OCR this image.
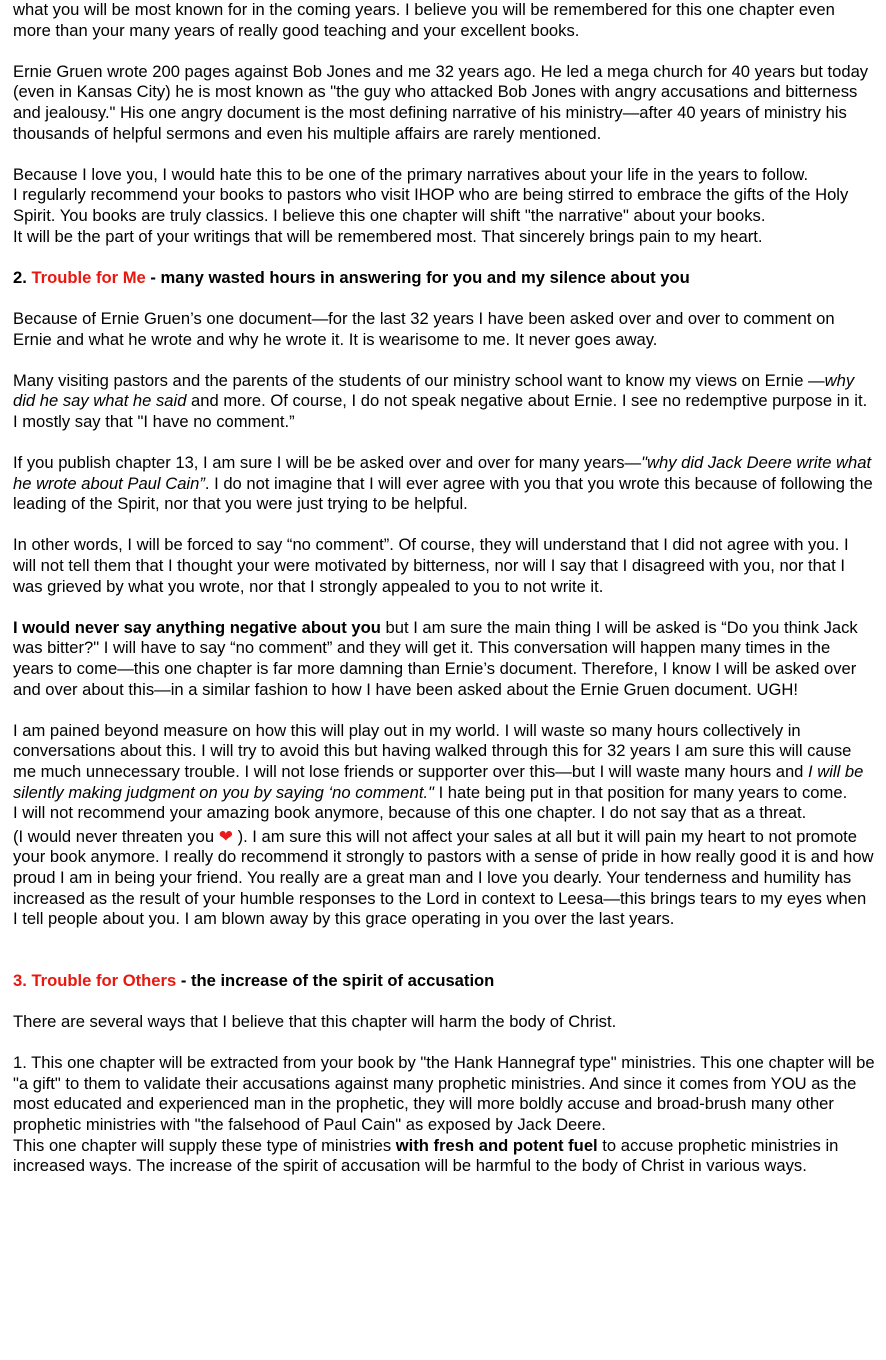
what you will be most known for in the coming years. I believe you will be remembered for this one chapter even more than your many years of really good teaching and your excellent books.

Ernie Gruen wrote 200 pages against Bob Jones and me 32 years ago. He led a mega church for 40 years but today (even in Kansas City) he is most known as "the guy who attacked Bob Jones with angry accusations and bitterness and jealousy." His one angry document is the most defining narrative of his ministry—after 40 years of ministry his thousands of helpful sermons and even his multiple affairs are rarely mentioned.

Because I love you, I would hate this to be one of the primary narratives about your life in the years to follow.

I regularly recommend your books to pastors who visit IHOP who are being stirred to embrace the gifts of the Holy Spirit. You books are truly classics. I believe this one chapter will shift "the narrative" about your books.

It will be the part of your writings that will be remembered most. That sincerely brings pain to my heart.

2. Trouble for Me - many wasted hours in answering for you and my silence about you

Because of Ernie Gruen’s one document—for the last 32 years I have been asked over and over to comment on Ernie and what he wrote and why he wrote it. It is wearisome to me. It never goes away.

Many visiting pastors and the parents of the students of our ministry school want to know my views on Ernie —why did he say what he said and more. Of course, I do not speak negative about Ernie. I see no redemptive purpose in it. I mostly say that "I have no comment.”

If you publish chapter 13, I am sure I will be be asked over and over for many years—"why did Jack Deere write what he wrote about Paul Cain”. I do not imagine that I will ever agree with you that you wrote this because of following the leading of the Spirit, nor that you were just trying to be helpful.

In other words, I will be forced to say “no comment”. Of course, they will understand that I did not agree with you. I will not tell them that I thought your were motivated by bitterness, nor will I say that I disagreed with you, nor that I was grieved by what you wrote, nor that I strongly appealed to you to not write it.

I would never say anything negative about you but I am sure the main thing I will be asked is “Do you think Jack was bitter?" I will have to say “no comment” and they will get it. This conversation will happen many times in the years to come—this one chapter is far more damning than Ernie’s document. Therefore, I know I will be asked over and over about this—in a similar fashion to how I have been asked about the Ernie Gruen document. UGH!

I am pained beyond measure on how this will play out in my world. I will waste so many hours collectively in conversations about this. I will try to avoid this but having walked through this for 32 years I am sure this will cause me much unnecessary trouble. I will not lose friends or supporter over this—but I will waste many hours and I will be silently making judgment on you by saying ‘no comment." I hate being put in that position for many years to come.

I will not recommend your amazing book anymore, because of this one chapter. I do not say that as a threat.

(I would never threaten you ❤ ). I am sure this will not affect your sales at all but it will pain my heart to not promote your book anymore. I really do recommend it strongly to pastors with a sense of pride in how really good it is and how proud I am in being your friend. You really are a great man and I love you dearly. Your tenderness and humility has increased as the result of your humble responses to the Lord in context to Leesa—this brings tears to my eyes when I tell people about you. I am blown away by this grace operating in you over the last years.

3. Trouble for Others - the increase of the spirit of accusation

There are several ways that I believe that this chapter will harm the body of Christ.

1. This one chapter will be extracted from your book by "the Hank Hannegraf type" ministries. This one chapter will be "a gift" to them to validate their accusations against many prophetic ministries. And since it comes from YOU as the most educated and experienced man in the prophetic, they will more boldly accuse and broad-brush many other prophetic ministries with "the falsehood of Paul Cain" as exposed by Jack Deere.

This one chapter will supply these type of ministries with fresh and potent fuel to accuse prophetic ministries in increased ways. The increase of the spirit of accusation will be harmful to the body of Christ in various ways.
